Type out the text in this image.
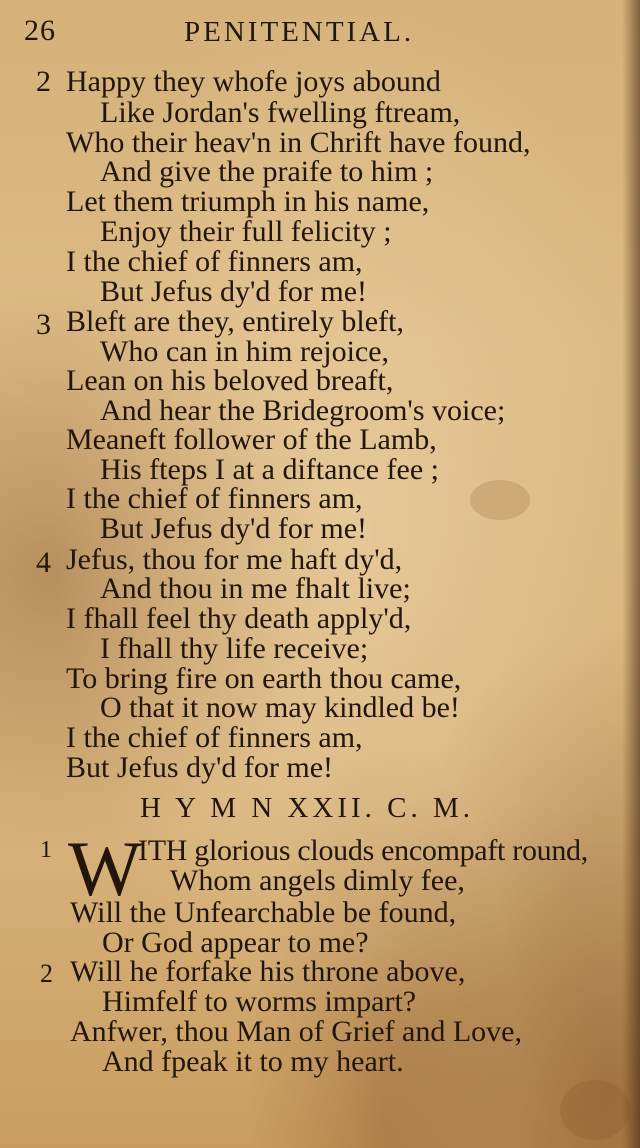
26	PENITENTIAL.
2 Happy they whofe joys abound
Like Jordan's fwelling ftream,
Who their heav'n in Chrift have found,
And give the praife to him ;
Let them triumph in his name,
Enjoy their full felicity ;
I the chief of finners am,
But Jefus dy'd for me!
3 Bleft are they, entirely bleft,
Who can in him rejoice,
Lean on his beloved breaft,
And hear the Bridegroom's voice;
Meaneft follower of the Lamb,
His fteps I at a diftance fee ;
I the chief of finners am,
But Jefus dy'd for me!
4 Jefus, thou for me haft dy'd,
And thou in me fhalt live;
I fhall feel thy death apply'd,
I fhall thy life receive;
To bring fire on earth thou came,
O that it now may kindled be!
I the chief of finners am,
But Jefus dy'd for me!
H Y M N XXII. C. M.
1 W
ITH glorious clouds encompaft round,
Whom angels dimly fee,
Will the Unfearchable be found,
Or God appear to me?
2 Will he forfake his throne above,
Himfelf to worms impart?
Anfwer, thou Man of Grief and Love,
And fpeak it to my heart.
